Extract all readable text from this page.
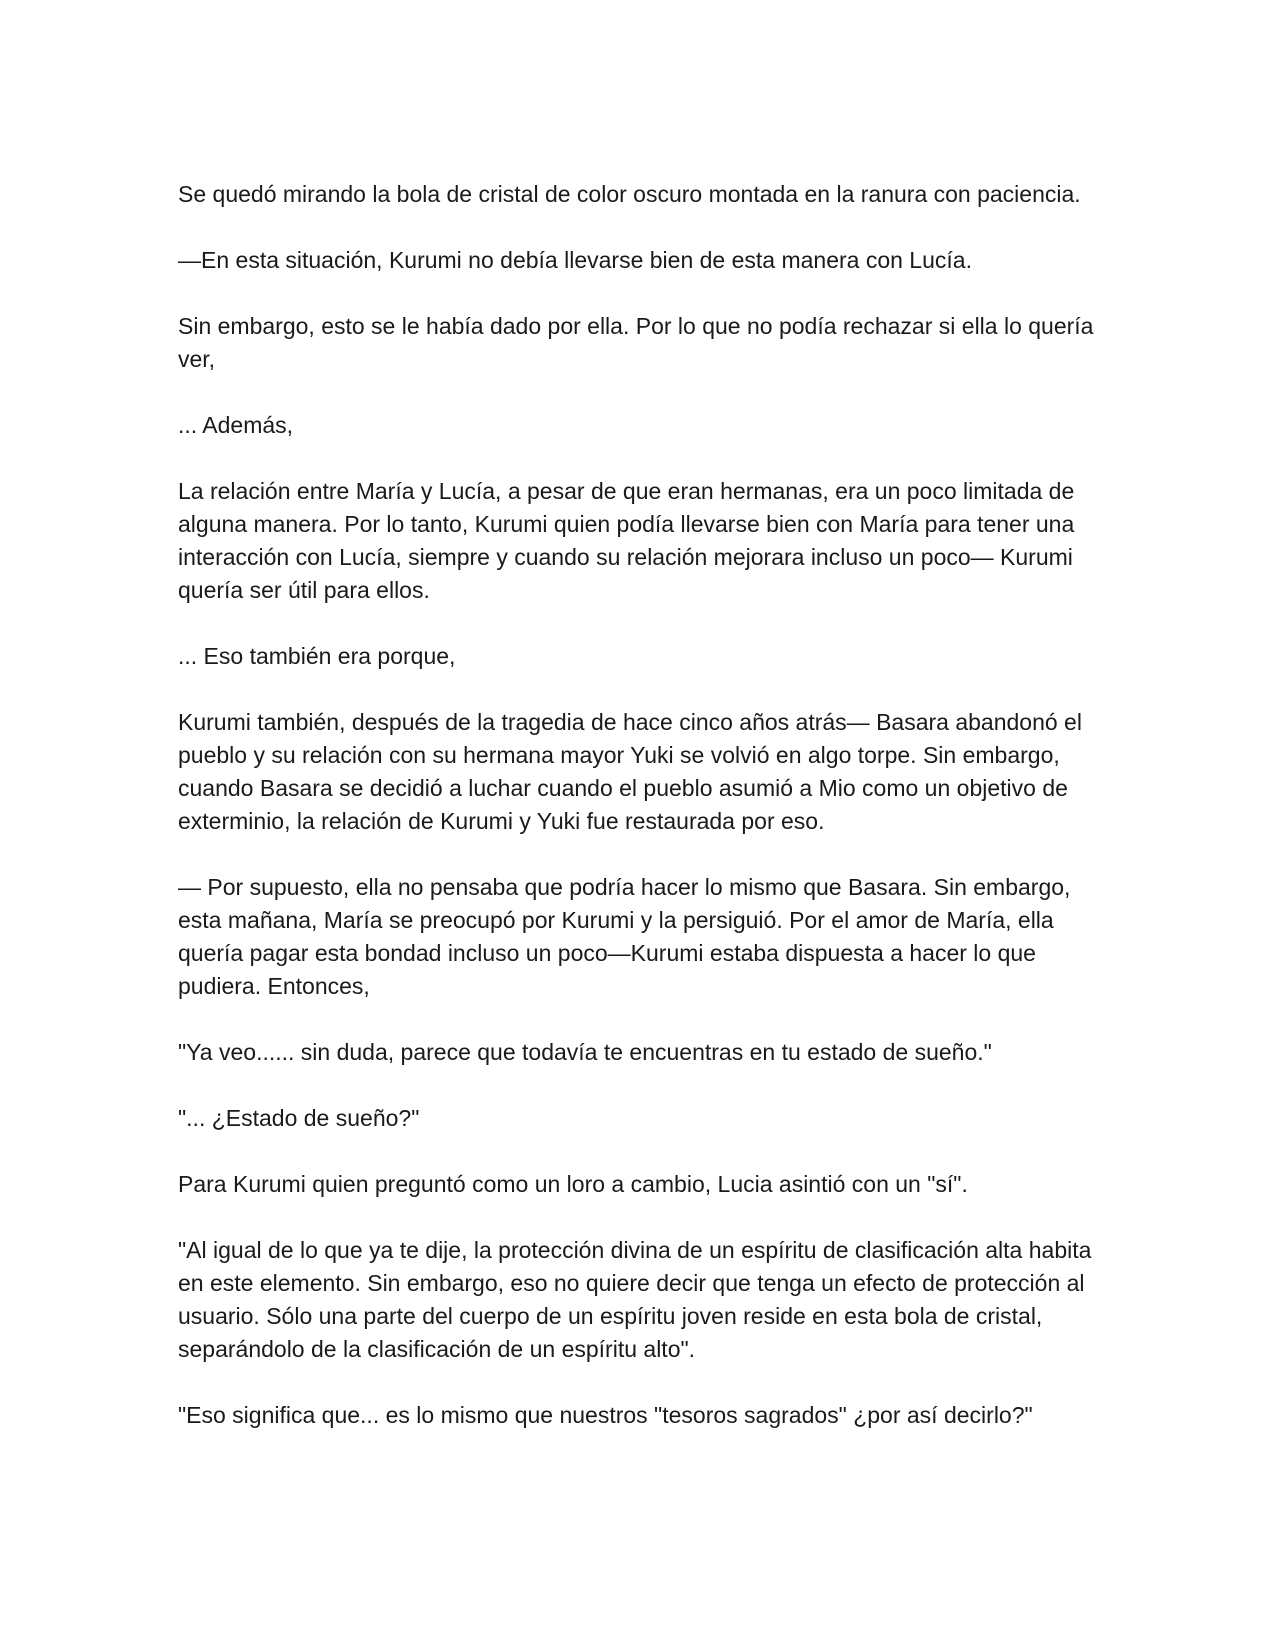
Se quedó mirando la bola de cristal de color oscuro montada en la ranura con paciencia.

—En esta situación, Kurumi no debía llevarse bien de esta manera con Lucía.

Sin embargo, esto se le había dado por ella. Por lo que no podía rechazar si ella lo quería ver,

... Además,

La relación entre María y Lucía, a pesar de que eran hermanas, era un poco limitada de alguna manera. Por lo tanto, Kurumi quien podía llevarse bien con María para tener una interacción con Lucía, siempre y cuando su relación mejorara incluso un poco— Kurumi quería ser útil para ellos.

... Eso también era porque,

Kurumi también, después de la tragedia de hace cinco años atrás— Basara abandonó el pueblo y su relación con su hermana mayor Yuki se volvió en algo torpe. Sin embargo, cuando Basara se decidió a luchar cuando el pueblo asumió a Mio como un objetivo de exterminio, la relación de Kurumi y Yuki fue restaurada por eso.

— Por supuesto, ella no pensaba que podría hacer lo mismo que Basara. Sin embargo, esta mañana, María se preocupó por Kurumi y la persiguió. Por el amor de María, ella quería pagar esta bondad incluso un poco—Kurumi estaba dispuesta a hacer lo que pudiera. Entonces,

"Ya veo...... sin duda, parece que todavía te encuentras en tu estado de sueño."

"... ¿Estado de sueño?"

Para Kurumi quien preguntó como un loro a cambio, Lucia asintió con un "sí".

"Al igual de lo que ya te dije, la protección divina de un espíritu de clasificación alta habita en este elemento. Sin embargo, eso no quiere decir que tenga un efecto de protección al usuario. Sólo una parte del cuerpo de un espíritu joven reside en esta bola de cristal, separándolo de la clasificación de un espíritu alto".

"Eso significa que... es lo mismo que nuestros "tesoros sagrados" ¿por así decirlo?"
